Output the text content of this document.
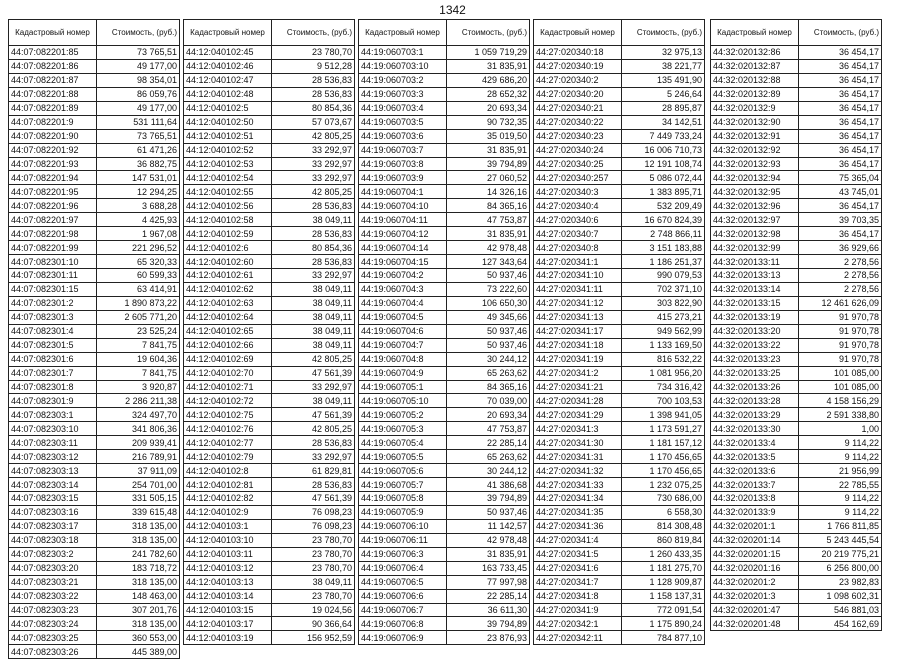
1342
Кадастровый номер	Стоимость, (руб.)
44:07:082201:85	73 765,51
44:07:082201:86	49 177,00
44:07:082201:87	98 354,01
44:07:082201:88	86 059,76
44:07:082201:89	49 177,00
44:07:082201:9	531 111,64
44:07:082201:90	73 765,51
44:07:082201:92	61 471,26
44:07:082201:93	36 882,75
44:07:082201:94	147 531,01
44:07:082201:95	12 294,25
44:07:082201:96	3 688,28
44:07:082201:97	4 425,93
44:07:082201:98	1 967,08
44:07:082201:99	221 296,52
44:07:082301:10	65 320,33
44:07:082301:11	60 599,33
44:07:082301:15	63 414,91
44:07:082301:2	1 890 873,22
44:07:082301:3	2 605 771,20
44:07:082301:4	23 525,24
44:07:082301:5	7 841,75
44:07:082301:6	19 604,36
44:07:082301:7	7 841,75
44:07:082301:8	3 920,87
44:07:082301:9	2 286 211,38
44:07:082303:1	324 497,70
44:07:082303:10	341 806,36
44:07:082303:11	209 939,41
44:07:082303:12	216 789,91
44:07:082303:13	37 911,09
44:07:082303:14	254 701,00
44:07:082303:15	331 505,15
44:07:082303:16	339 615,48
44:07:082303:17	318 135,00
44:07:082303:18	318 135,00
44:07:082303:2	241 782,60
44:07:082303:20	183 718,72
44:07:082303:21	318 135,00
44:07:082303:22	148 463,00
44:07:082303:23	307 201,76
44:07:082303:24	318 135,00
44:07:082303:25	360 553,00
44:07:082303:26	445 389,00
Кадастровый номер	Стоимость, (руб.)
44:12:040102:45	23 780,70
44:12:040102:46	9 512,28
44:12:040102:47	28 536,83
44:12:040102:48	28 536,83
44:12:040102:5	80 854,36
44:12:040102:50	57 073,67
44:12:040102:51	42 805,25
44:12:040102:52	33 292,97
44:12:040102:53	33 292,97
44:12:040102:54	33 292,97
44:12:040102:55	42 805,25
44:12:040102:56	28 536,83
44:12:040102:58	38 049,11
44:12:040102:59	28 536,83
44:12:040102:6	80 854,36
44:12:040102:60	28 536,83
44:12:040102:61	33 292,97
44:12:040102:62	38 049,11
44:12:040102:63	38 049,11
44:12:040102:64	38 049,11
44:12:040102:65	38 049,11
44:12:040102:66	38 049,11
44:12:040102:69	42 805,25
44:12:040102:70	47 561,39
44:12:040102:71	33 292,97
44:12:040102:72	38 049,11
44:12:040102:75	47 561,39
44:12:040102:76	42 805,25
44:12:040102:77	28 536,83
44:12:040102:79	33 292,97
44:12:040102:8	61 829,81
44:12:040102:81	28 536,83
44:12:040102:82	47 561,39
44:12:040102:9	76 098,23
44:12:040103:1	76 098,23
44:12:040103:10	23 780,70
44:12:040103:11	23 780,70
44:12:040103:12	23 780,70
44:12:040103:13	38 049,11
44:12:040103:14	23 780,70
44:12:040103:15	19 024,56
44:12:040103:17	90 366,64
44:12:040103:19	156 952,59
Кадастровый номер	Стоимость, (руб.)
44:19:060703:1	1 059 719,29
44:19:060703:10	31 835,91
44:19:060703:2	429 686,20
44:19:060703:3	28 652,32
44:19:060703:4	20 693,34
44:19:060703:5	90 732,35
44:19:060703:6	35 019,50
44:19:060703:7	31 835,91
44:19:060703:8	39 794,89
44:19:060703:9	27 060,52
44:19:060704:1	14 326,16
44:19:060704:10	84 365,16
44:19:060704:11	47 753,87
44:19:060704:12	31 835,91
44:19:060704:14	42 978,48
44:19:060704:15	127 343,64
44:19:060704:2	50 937,46
44:19:060704:3	73 222,60
44:19:060704:4	106 650,30
44:19:060704:5	49 345,66
44:19:060704:6	50 937,46
44:19:060704:7	50 937,46
44:19:060704:8	30 244,12
44:19:060704:9	65 263,62
44:19:060705:1	84 365,16
44:19:060705:10	70 039,00
44:19:060705:2	20 693,34
44:19:060705:3	47 753,87
44:19:060705:4	22 285,14
44:19:060705:5	65 263,62
44:19:060705:6	30 244,12
44:19:060705:7	41 386,68
44:19:060705:8	39 794,89
44:19:060705:9	50 937,46
44:19:060706:10	11 142,57
44:19:060706:11	42 978,48
44:19:060706:3	31 835,91
44:19:060706:4	163 733,45
44:19:060706:5	77 997,98
44:19:060706:6	22 285,14
44:19:060706:7	36 611,30
44:19:060706:8	39 794,89
44:19:060706:9	23 876,93
Кадастровый номер	Стоимость, (руб.)
44:27:020340:18	32 975,13
44:27:020340:19	38 221,77
44:27:020340:2	135 491,90
44:27:020340:20	5 246,64
44:27:020340:21	28 895,87
44:27:020340:22	34 142,51
44:27:020340:23	7 449 733,24
44:27:020340:24	16 006 710,73
44:27:020340:25	12 191 108,74
44:27:020340:257	5 086 072,44
44:27:020340:3	1 383 895,71
44:27:020340:4	532 209,49
44:27:020340:6	16 670 824,39
44:27:020340:7	2 748 866,11
44:27:020340:8	3 151 183,88
44:27:020341:1	1 186 251,37
44:27:020341:10	990 079,53
44:27:020341:11	702 371,10
44:27:020341:12	303 822,90
44:27:020341:13	415 273,21
44:27:020341:17	949 562,99
44:27:020341:18	1 133 169,50
44:27:020341:19	816 532,22
44:27:020341:2	1 081 956,20
44:27:020341:21	734 316,42
44:27:020341:28	700 103,53
44:27:020341:29	1 398 941,05
44:27:020341:3	1 173 591,27
44:27:020341:30	1 181 157,12
44:27:020341:31	1 170 456,65
44:27:020341:32	1 170 456,65
44:27:020341:33	1 232 075,25
44:27:020341:34	730 686,00
44:27:020341:35	6 558,30
44:27:020341:36	814 308,48
44:27:020341:4	860 819,84
44:27:020341:5	1 260 433,35
44:27:020341:6	1 181 275,70
44:27:020341:7	1 128 909,87
44:27:020341:8	1 158 137,31
44:27:020341:9	772 091,54
44:27:020342:1	1 175 890,24
44:27:020342:11	784 877,10
Кадастровый номер	Стоимость, (руб.)
44:32:020132:86	36 454,17
44:32:020132:87	36 454,17
44:32:020132:88	36 454,17
44:32:020132:89	36 454,17
44:32:020132:9	36 454,17
44:32:020132:90	36 454,17
44:32:020132:91	36 454,17
44:32:020132:92	36 454,17
44:32:020132:93	36 454,17
44:32:020132:94	75 365,04
44:32:020132:95	43 745,01
44:32:020132:96	36 454,17
44:32:020132:97	39 703,35
44:32:020132:98	36 454,17
44:32:020132:99	36 929,66
44:32:020133:11	2 278,56
44:32:020133:13	2 278,56
44:32:020133:14	2 278,56
44:32:020133:15	12 461 626,09
44:32:020133:19	91 970,78
44:32:020133:20	91 970,78
44:32:020133:22	91 970,78
44:32:020133:23	91 970,78
44:32:020133:25	101 085,00
44:32:020133:26	101 085,00
44:32:020133:28	4 158 156,29
44:32:020133:29	2 591 338,80
44:32:020133:30	1,00
44:32:020133:4	9 114,22
44:32:020133:5	9 114,22
44:32:020133:6	21 956,99
44:32:020133:7	22 785,55
44:32:020133:8	9 114,22
44:32:020133:9	9 114,22
44:32:020201:1	1 766 811,85
44:32:020201:14	5 243 445,54
44:32:020201:15	20 219 775,21
44:32:020201:16	6 256 800,00
44:32:020201:2	23 982,83
44:32:020201:3	1 098 602,31
44:32:020201:47	546 881,03
44:32:020201:48	454 162,69
